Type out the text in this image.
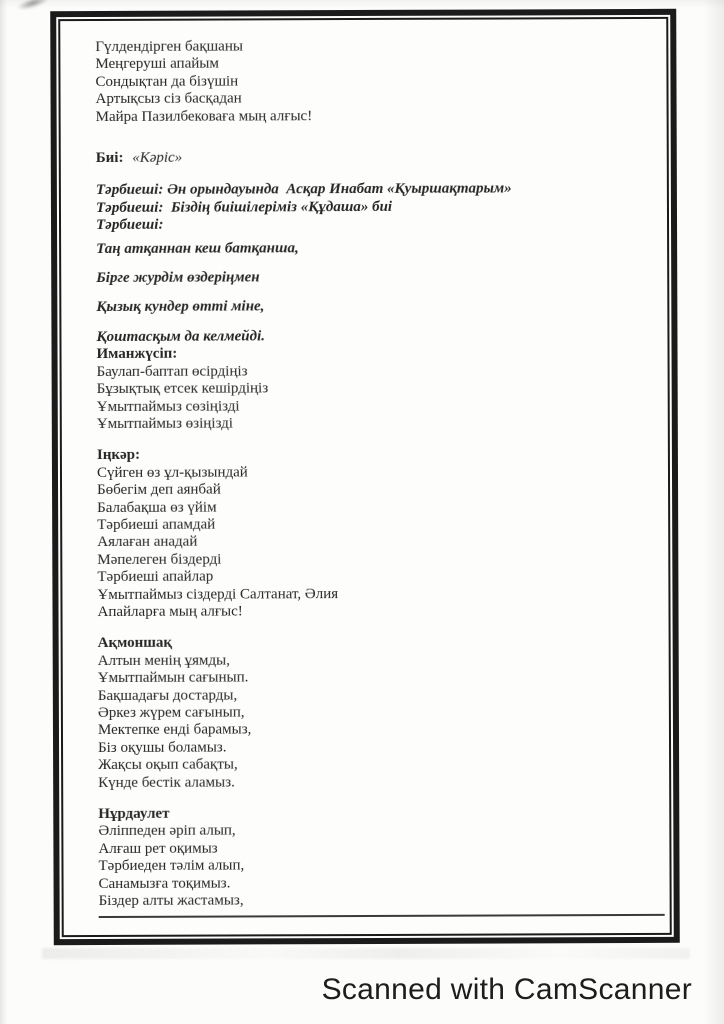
Гүлдендірген бақшаны
Меңгеруші апайым
Сондықтан да бізүшін
Артықсыз сіз басқадан
Майра Пазилбековаға мың алғыс!

Биі: «Кәріс»

Тәрбиеші: Ән орындауында  Асқар Инабат «Қуыршақтарым»
Тәрбиеші:  Біздің биішілеріміз «Құдаша» биі
Тәрбиеші:
Таң атқаннан кеш батқанша,
Бірге журдім өздеріңмен
Қызық кундер өтті міне,
Қоштасқым да келмейді.
Иманжүсіп:
Баулап-баптап өсірдіңіз
Бұзықтық етсек кешірдіңіз
Ұмытпаймыз сөзіңізді
Ұмытпаймыз өзіңізді
Іңкәр:
Сүйген өз ұл-қызындай
Бөбегім деп аянбай
Балабақша өз үйім
Тәрбиеші апамдай
Аялаған анадай
Мәпелеген біздерді
Тәрбиеші апайлар
Ұмытпаймыз сіздерді Салтанат, Әлия
Апайларға мың алғыс!
Ақмоншақ
Алтын менің ұямды,
Ұмытпаймын сағынып.
Бақшадағы достарды,
Әркез жүрем сағынып,
Мектепке енді барамыз,
Біз оқушы боламыз.
Жақсы оқып сабақты,
Күнде бестік аламыз.
Нұрдаулет
Әліппеден әріп алып,
Алғаш рет оқимыз
Тәрбиеден тәлім алып,
Санамызға тоқимыз.
Біздер алты жастамыз,
Scanned with CamScanner
